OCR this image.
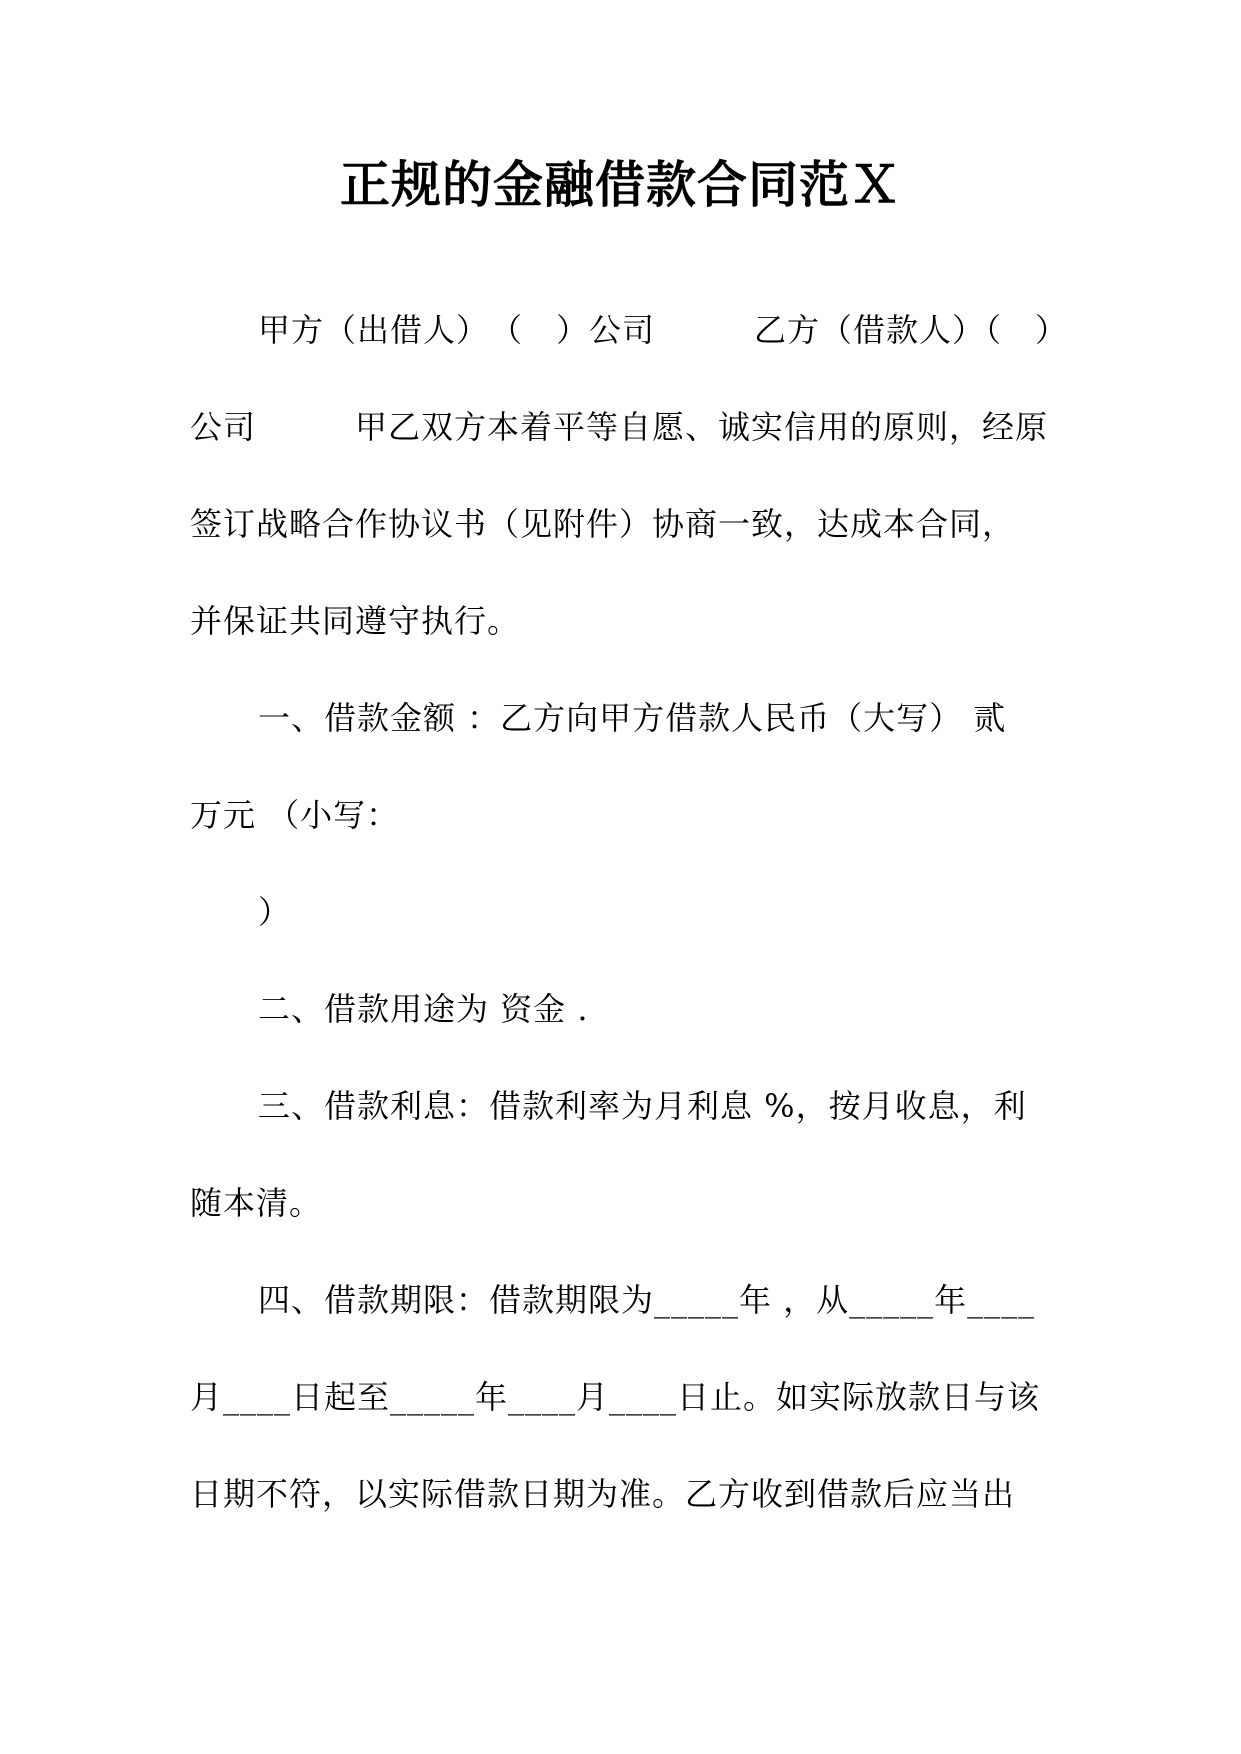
正规的金融借款合同范Ｘ
甲方（出借人）　（　）公司　　　乙方（借款人）（　）
公司　　　甲乙双方本着平等自愿、诚实信用的原则，经原
签订战略合作协议书（见附件）协商一致，达成本合同，
并保证共同遵守执行。
一、借款金额 ：乙方向甲方借款人民币（大写） 贰
万元 （小写：
）
二、借款用途为 资金 .
三、借款利息：借款利率为月利息 %，按月收息，利
随本清。
四、借款期限：借款期限为_____年 ，从_____年____
月____日起至_____年____月____日止。如实际放款日与该
日期不符，以实际借款日期为准。乙方收到借款后应当出
